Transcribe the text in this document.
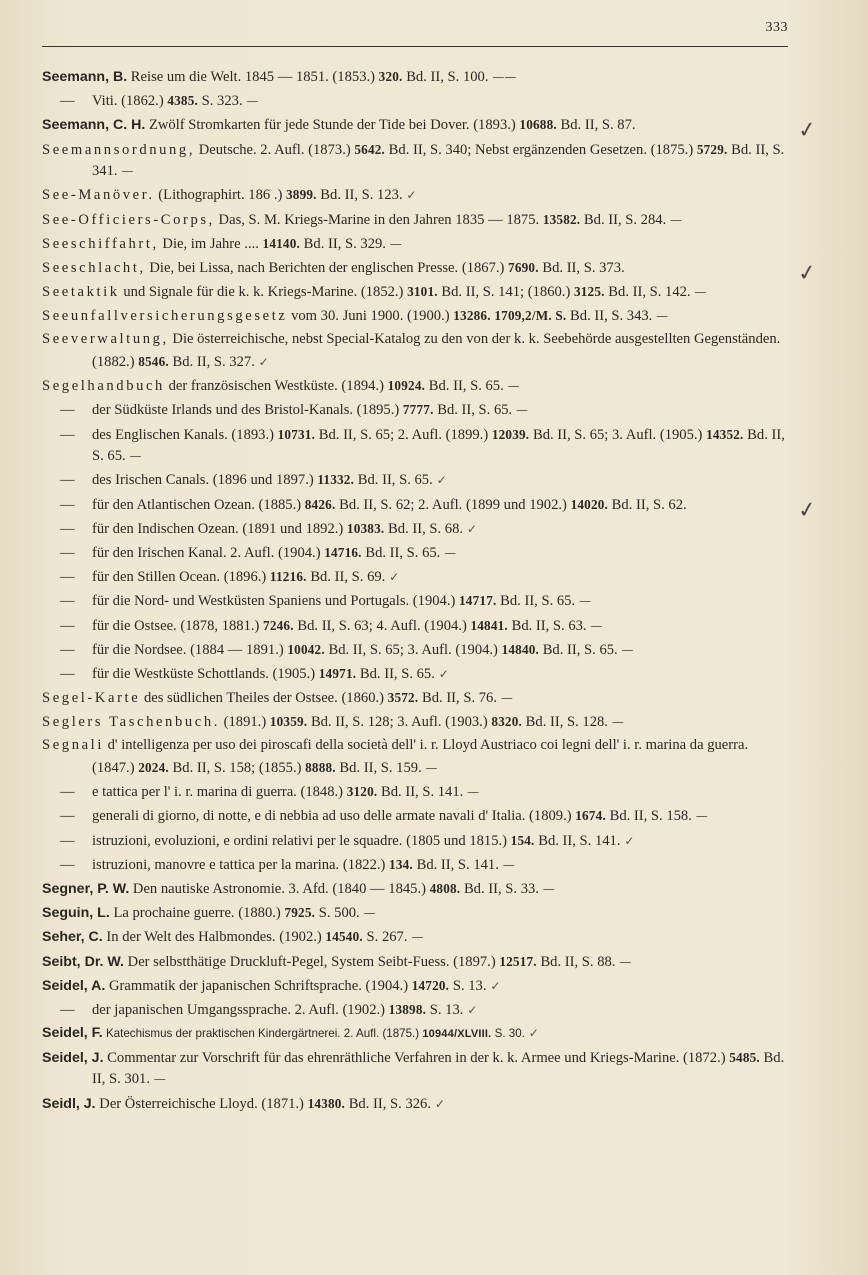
333
Seemann, B. Reise um die Welt. 1845 — 1851. (1853.) 320. Bd. II, S. 100. ——
— Viti. (1862.) 4385. S. 323. —
Seemann, C. H. Zwölf Stromkarten für jede Stunde der Tide bei Dover. (1893.) 10688. Bd. II, S. 87.	✓
Seemannsordnung, Deutsche. 2. Aufl. (1873.) 5642. Bd. II, S. 340; Nebst ergänzenden Gesetzen. (1875.) 5729. Bd. II, S. 341. —
See-Manöver. (Lithographirt. 186 .) 3899. Bd. II, S. 123. ✓
See-Officiers-Corps, Das, S. M. Kriegs-Marine in den Jahren 1835 — 1875. 13582. Bd. II, S. 284. —
Seeschiffahrt, Die, im Jahre .... 14140. Bd. II, S. 329. —
Seeschlacht, Die, bei Lissa, nach Berichten der englischen Presse. (1867.) 7690. Bd. II, S. 373.	✓
Seetaktik und Signale für die k. k. Kriegs-Marine. (1852.) 3101. Bd. II, S. 141; (1860.) 3125. Bd. II, S. 142. —
Seeunfallversicherungsgesetz vom 30. Juni 1900. (1900.) 13286. 1709,2/M. S. Bd. II, S. 343. —
Seeverwaltung, Die österreichische, nebst Special-Katalog zu den von der k. k. Seebehörde ausgestellten Gegenständen. (1882.) 8546. Bd. II, S. 327. ✓
Segelhandbuch der französischen Westküste. (1894.) 10924. Bd. II, S. 65. —
— der Südküste Irlands und des Bristol-Kanals. (1895.) 7777. Bd. II, S. 65. —
— des Englischen Kanals. (1893.) 10731. Bd. II, S. 65; 2. Aufl. (1899.) 12039. Bd. II, S. 65; 3. Aufl. (1905.) 14352. Bd. II, S. 65. —
— des Irischen Canals. (1896 und 1897.) 11332. Bd. II, S. 65. ✓
— für den Atlantischen Ozean. (1885.) 8426. Bd. II, S. 62; 2. Aufl. (1899 und 1902.) 14020. Bd. II, S. 62.	✓
— für den Indischen Ozean. (1891 und 1892.) 10383. Bd. II, S. 68. ✓
— für den Irischen Kanal. 2. Aufl. (1904.) 14716. Bd. II, S. 65. —
— für den Stillen Ocean. (1896.) 11216. Bd. II, S. 69. ✓
— für die Nord- und Westküsten Spaniens und Portugals. (1904.) 14717. Bd. II, S. 65. —
— für die Ostsee. (1878, 1881.) 7246. Bd. II, S. 63; 4. Aufl. (1904.) 14841. Bd. II, S. 63. —
— für die Nordsee. (1884 — 1891.) 10042. Bd. II, S. 65; 3. Aufl. (1904.) 14840. Bd. II, S. 65. —
— für die Westküste Schottlands. (1905.) 14971. Bd. II, S. 65. ✓
Segel-Karte des südlichen Theiles der Ostsee. (1860.) 3572. Bd. II, S. 76. —
Seglers Taschenbuch. (1891.) 10359. Bd. II, S. 128; 3. Aufl. (1903.) 8320. Bd. II, S. 128. —
Segnali d' intelligenza per uso dei piroscafi della società dell' i. r. Lloyd Austriaco coi legni dell' i. r. marina da guerra. (1847.) 2024. Bd. II, S. 158; (1855.) 8888. Bd. II, S. 159. —
— e tattica per l' i. r. marina di guerra. (1848.) 3120. Bd. II, S. 141. —
— generali di giorno, di notte, e di nebbia ad uso delle armate navali d' Italia. (1809.) 1674. Bd. II, S. 158. —
— istruzioni, evoluzioni, e ordini relativi per le squadre. (1805 und 1815.) 154. Bd. II, S. 141. ✓
— istruzioni, manovre e tattica per la marina. (1822.) 134. Bd. II, S. 141. —
Segner, P. W. Den nautiske Astronomie. 3. Afd. (1840 — 1845.) 4808. Bd. II, S. 33. —
Seguin, L. La prochaine guerre. (1880.) 7925. S. 500. —
Seher, C. In der Welt des Halbmondes. (1902.) 14540. S. 267. —
Seibt, Dr. W. Der selbstthätige Druckluft-Pegel, System Seibt-Fuess. (1897.) 12517. Bd. II, S. 88. —
Seidel, A. Grammatik der japanischen Schriftsprache. (1904.) 14720. S. 13. ✓
— der japanischen Umgangssprache. 2. Aufl. (1902.) 13898. S. 13. ✓
Seidel, F. Katechismus der praktischen Kindergärtnerei. 2. Aufl. (1875.) 10944/XLVIII. S. 30. ✓
Seidel, J. Commentar zur Vorschrift für das ehrenräthliche Verfahren in der k. k. Armee und Kriegs-Marine. (1872.) 5485. Bd. II, S. 301. —
Seidl, J. Der Österreichische Lloyd. (1871.) 14380. Bd. II, S. 326. ✓
